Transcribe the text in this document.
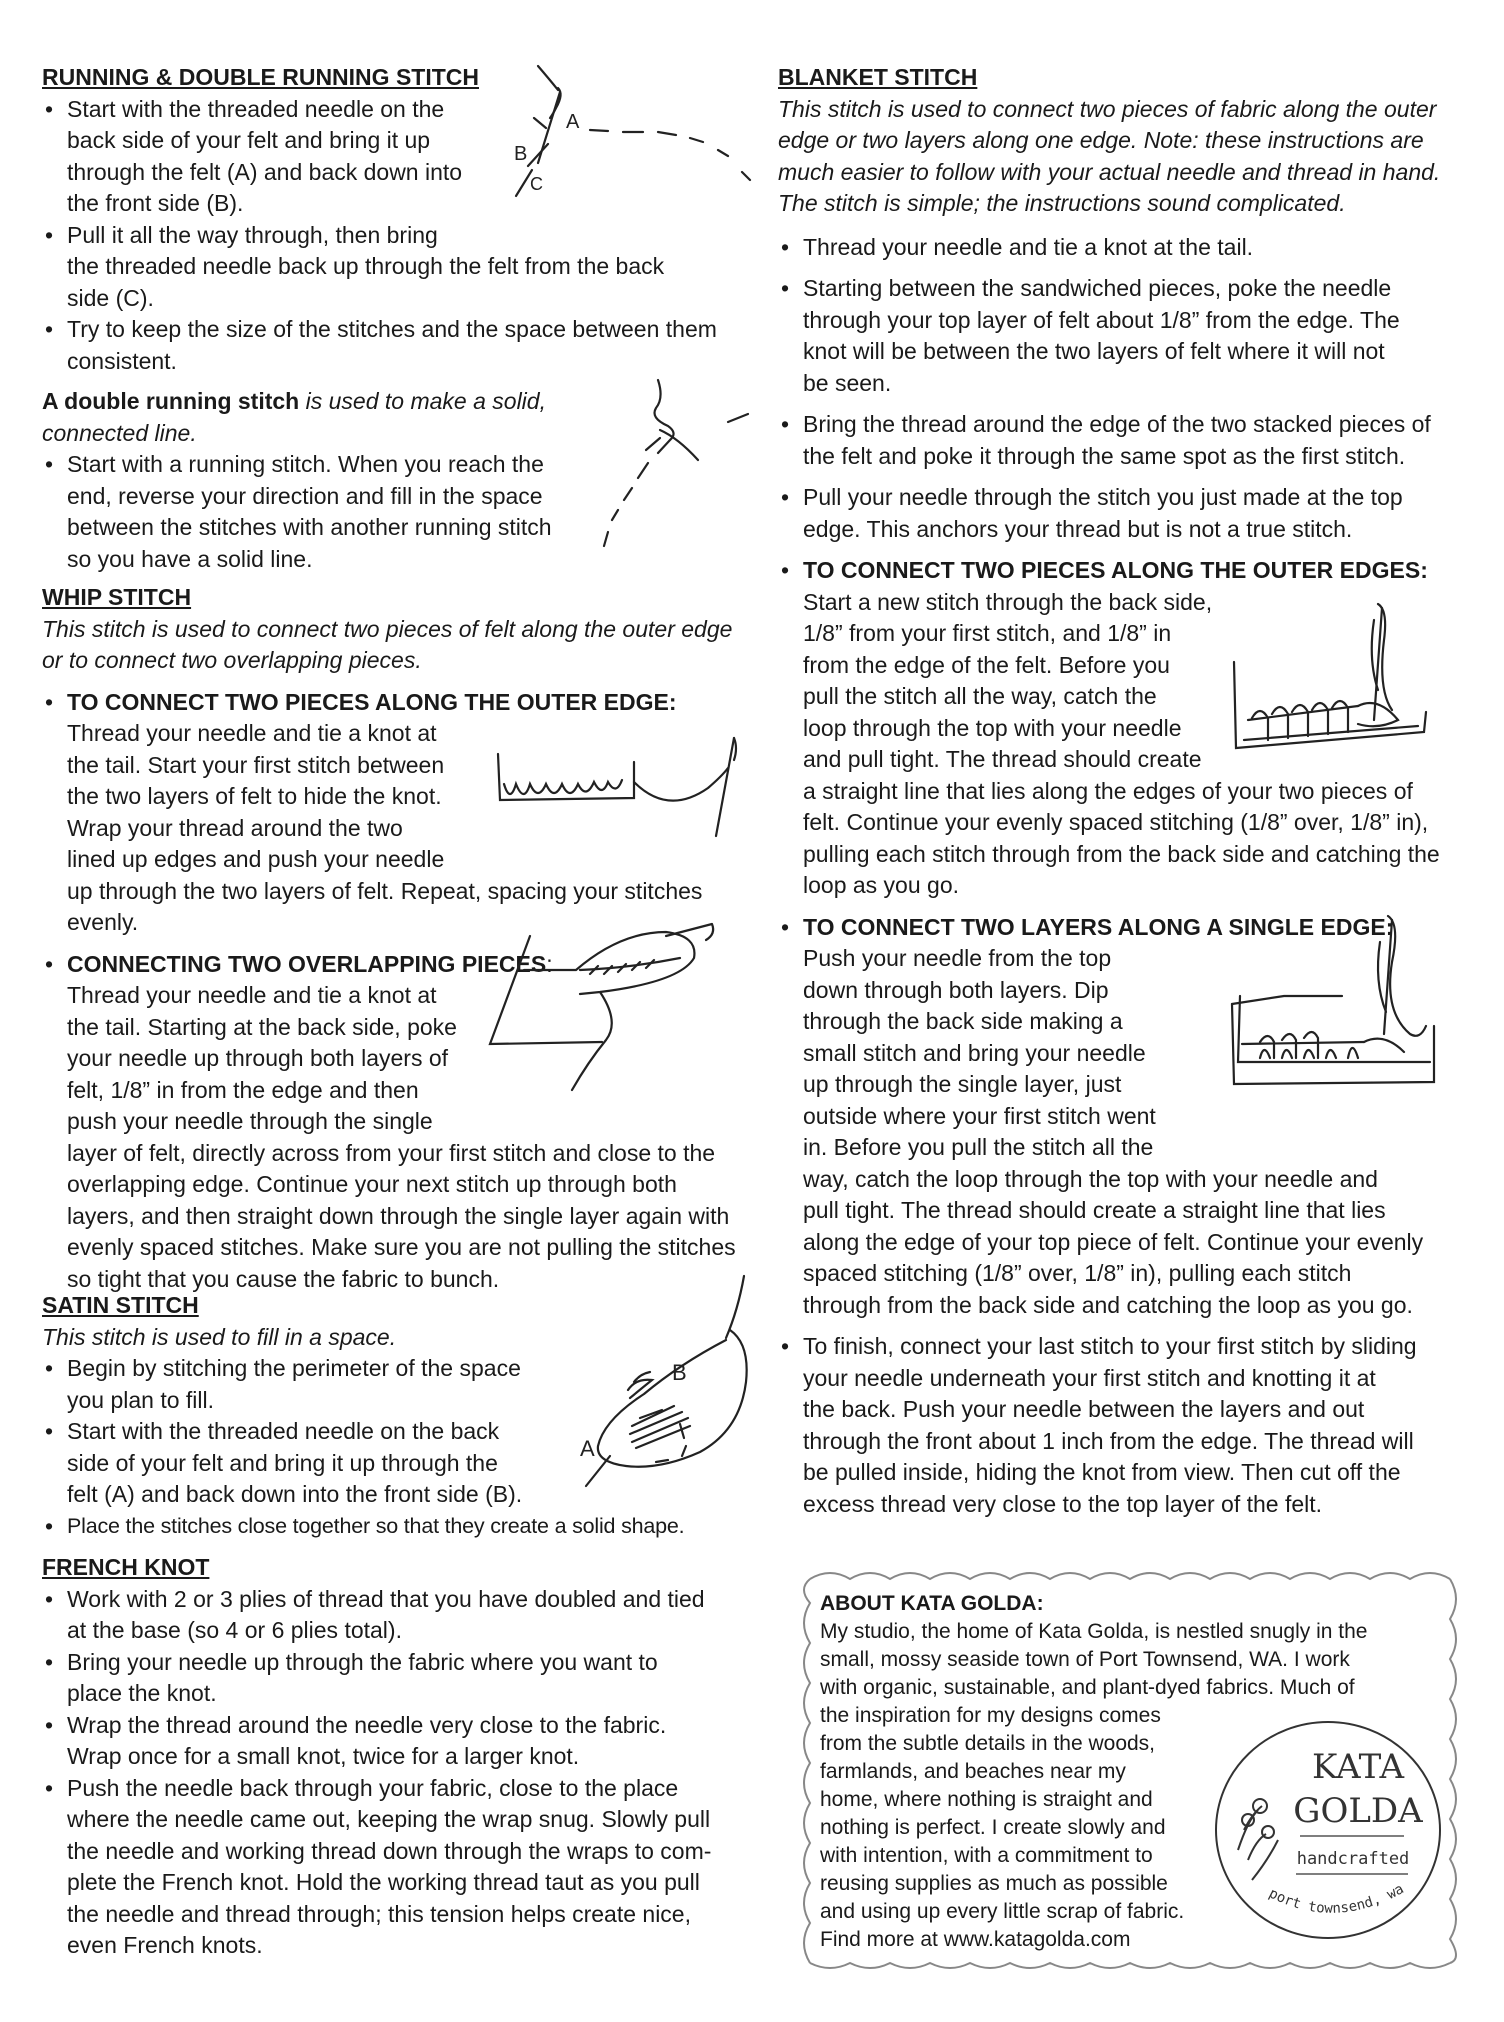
RUNNING & DOUBLE RUNNING STITCH
• Start with the threaded needle on the
back side of your felt and bring it up
through the felt (A) and back down into
the front side (B).
• Pull it all the way through, then bring
the threaded needle back up through the felt from the back
side (C).
• Try to keep the size of the stitches and the space between them
consistent.
A double running stitch is used to make a solid,
connected line.
• Start with a running stitch. When you reach the
end, reverse your direction and fill in the space
between the stitches with another running stitch
so you have a solid line.
A
B
C
WHIP STITCH

This stitch is used to connect two pieces of felt along the outer edge
or to connect two overlapping pieces.

• TO CONNECT TWO PIECES ALONG THE OUTER EDGE:
Thread your needle and tie a knot at
the tail. Start your first stitch between
the two layers of felt to hide the knot.
Wrap your thread around the two
lined up edges and push your needle
up through the two layers of felt. Repeat, spacing your stitches
evenly.
• CONNECTING TWO OVERLAPPING PIECES:
Thread your needle and tie a knot at
the tail. Starting at the back side, poke
your needle up through both layers of
felt, 1/8” in from the edge and then
push your needle through the single
layer of felt, directly across from your first stitch and close to the
overlapping edge. Continue your next stitch up through both
layers, and then straight down through the single layer again with
evenly spaced stitches. Make sure you are not pulling the stitches
so tight that you cause the fabric to bunch.
SATIN STITCH

This stitch is used to fill in a space.

• Begin by stitching the perimeter of the space
you plan to fill.
• Start with the threaded needle on the back
side of your felt and bring it up through the
felt (A) and back down into the front side (B).
• Place the stitches close together so that they create a solid shape.
B
A
FRENCH KNOT
• Work with 2 or 3 plies of thread that you have doubled and tied
at the base (so 4 or 6 plies total).
• Bring your needle up through the fabric where you want to
place the knot.
• Wrap the thread around the needle very close to the fabric.
Wrap once for a small knot, twice for a larger knot.
• Push the needle back through your fabric, close to the place
where the needle came out, keeping the wrap snug. Slowly pull
the needle and working thread down through the wraps to com-
plete the French knot. Hold the working thread taut as you pull
the needle and thread through; this tension helps create nice,
even French knots.
BLANKET STITCH

This stitch is used to connect two pieces of fabric along the outer
edge or two layers along one edge. Note: these instructions are
much easier to follow with your actual needle and thread in hand.
The stitch is simple; the instructions sound complicated.

• Thread your needle and tie a knot at the tail.
• Starting between the sandwiched pieces, poke the needle
through your top layer of felt about 1/8” from the edge. The
knot will be between the two layers of felt where it will not
be seen.
• Bring the thread around the edge of the two stacked pieces of
the felt and poke it through the same spot as the first stitch.
• Pull your needle through the stitch you just made at the top
edge. This anchors your thread but is not a true stitch.
• TO CONNECT TWO PIECES ALONG THE OUTER EDGES:
Start a new stitch through the back side,
1/8” from your first stitch, and 1/8” in
from the edge of the felt. Before you
pull the stitch all the way, catch the
loop through the top with your needle
and pull tight. The thread should create
a straight line that lies along the edges of your two pieces of
felt. Continue your evenly spaced stitching (1/8” over, 1/8” in),
pulling each stitch through from the back side and catching the
loop as you go.
• TO CONNECT TWO LAYERS ALONG A SINGLE EDGE:
Push your needle from the top
down through both layers. Dip
through the back side making a
small stitch and bring your needle
up through the single layer, just
outside where your first stitch went
in. Before you pull the stitch all the
way, catch the loop through the top with your needle and
pull tight. The thread should create a straight line that lies
along the edge of your top piece of felt. Continue your evenly
spaced stitching (1/8” over, 1/8” in), pulling each stitch
through from the back side and catching the loop as you go.
• To finish, connect your last stitch to your first stitch by sliding
your needle underneath your first stitch and knotting it at
the back. Push your needle between the layers and out
through the front about 1 inch from the edge. The thread will
be pulled inside, hiding the knot from view. Then cut off the
excess thread very close to the top layer of the felt.
ABOUT KATA GOLDA:
My studio, the home of Kata Golda, is nestled snugly in the
small, mossy seaside town of Port Townsend, WA. I work
with organic, sustainable, and plant-dyed fabrics. Much of
the inspiration for my designs comes
from the subtle details in the woods,
farmlands, and beaches near my
home, where nothing is straight and
nothing is perfect. I create slowly and
with intention, with a commitment to
reusing supplies as much as possible
and using up every little scrap of fabric.
Find more at www.katagolda.com
KATA
GOLDA
handcrafted
port townsend, wa
